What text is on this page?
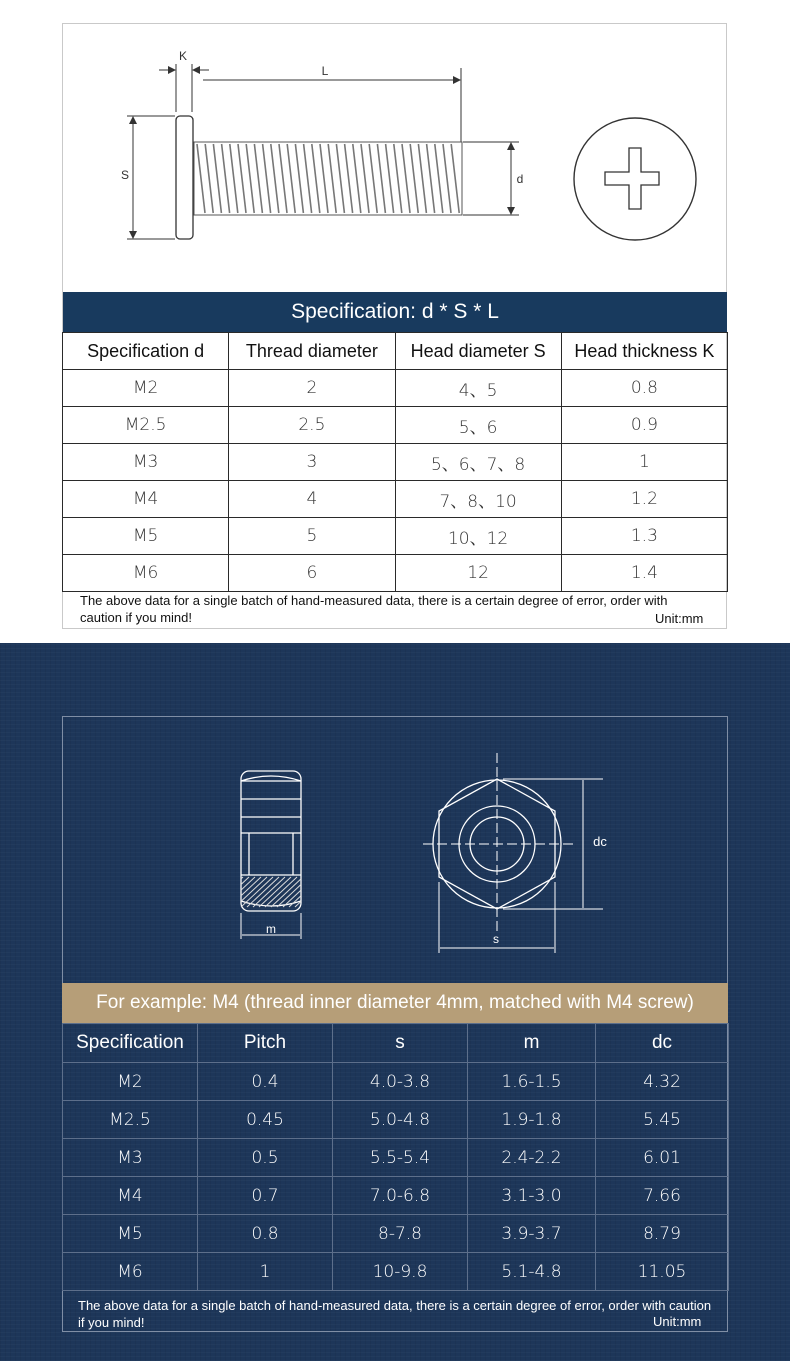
K
L
S	d
Specification: d * S * L
Specification d	Thread diameter	Head diameter S	Head thickness K
M2	2	4、5	0.8
M2.5	2.5	5、6	0.9
M3	3	5、6、7、8	1
M4	4	7、8、10	1.2
M5	5	10、12	1.3
M6	6	12	1.4
The above data for a single batch of hand-measured data, there is a certain degree of error, order with caution if you mind!	Unit:mm
m
dc
s
For example: M4 (thread inner diameter 4mm, matched with M4 screw)
Specification	Pitch	s	m	dc
M2	0.4	4.0-3.8	1.6-1.5	4.32
M2.5	0.45	5.0-4.8	1.9-1.8	5.45
M3	0.5	5.5-5.4	2.4-2.2	6.01
M4	0.7	7.0-6.8	3.1-3.0	7.66
M5	0.8	8-7.8	3.9-3.7	8.79
M6	1	10-9.8	5.1-4.8	11.05
The above data for a single batch of hand-measured data, there is a certain degree of error, order with caution if you mind!	Unit:mm
